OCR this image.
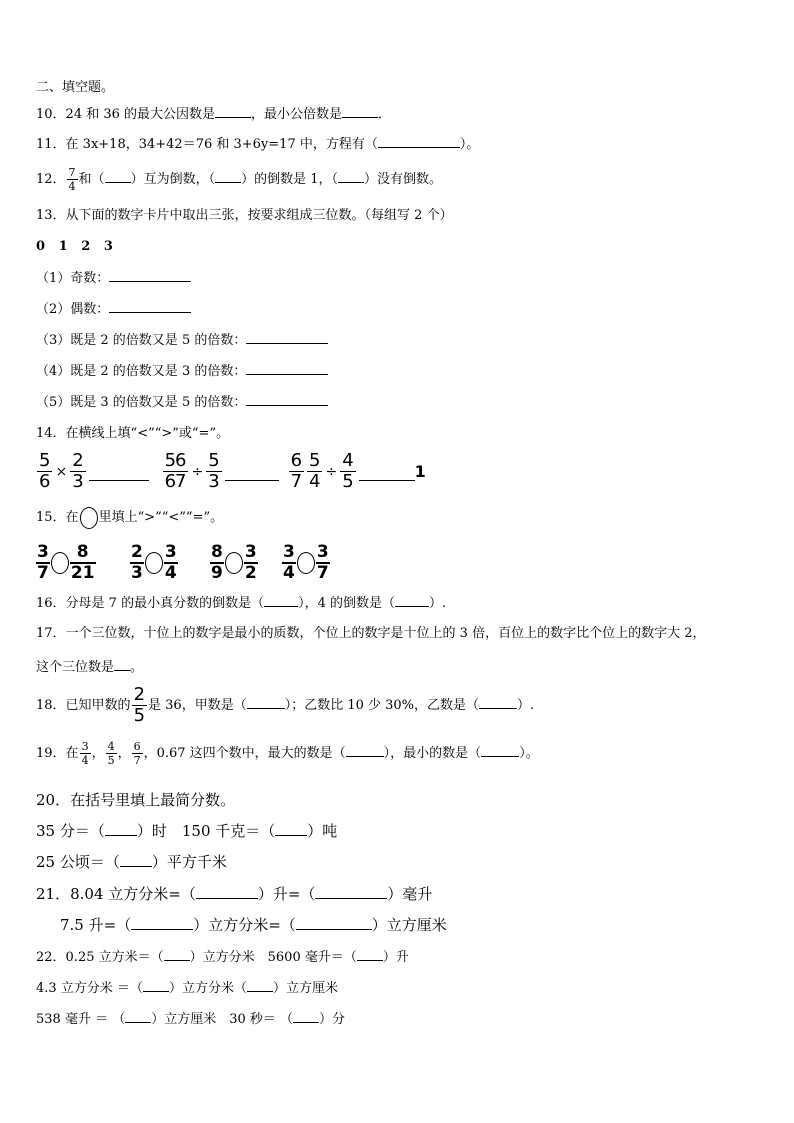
二、填空题。
10．24 和 36 的最大公因数是	，最小公倍数是	．
11．在 3x+18，34+42＝76 和 3+6y=17 中，方程有（	）。
12． $\frac{7}{4}$ 和（ ）互为倒数，（ ）的倒数是 1，（ ）没有倒数。
13．从下面的数字卡片中取出三张，按要求组成三位数。（每组写 2 个）
0   1   2   3
（1）奇数：
（2）偶数：
（3）既是 2 的倍数又是 5 的倍数：
（4）既是 2 的倍数又是 3 的倍数：
（5）既是 3 的倍数又是 5 的倍数：
14．在横线上填“<”“>”或“=”。
$\frac{5}{6} \times \frac{2}{3}$	$\frac{5}{6}$
$\frac{6}{7} \div \frac{5}{3}$	$\frac{6}{7} \frac{5}{4} \div \frac{4}{5}$	1
15．在 里填上“>”“<”“=”。
3
7
8
21
2
3
3
4
8
9
3
2
3
4
3
7
16．分母是 7 的最小真分数的倒数是（	），4 的倒数是（	）.
17．一个三位数，十位上的数字是最小的质数，个位上的数字是十位上的 3 倍，百位上的数字比个位上的数字大 2，
这个三位数是 。
18．已知甲数的 $\frac{2}{5}$ 是 36，甲数是（	）；乙数比 10 少 30%，乙数是（	）.
19．在 $\frac{3}{4}$ ， $\frac{4}{5}$ ， $\frac{6}{7}$ ，0.67 这四个数中，最大的数是（	），最小的数是（	）。
20．在括号里填上最简分数。
35 分＝（ ）时　150 千克＝（ ）吨
25 公顷＝（ ）平方千米
21．8.04 立方分米=（	）升=（	）毫升
7.5 升=（	）立方分米=（	）立方厘米
22．0.25 立方米＝（ ）立方分米　5600 毫升＝（ ）升
4.3 立方分米 ＝（ ）立方分米（ ）立方厘米
538 毫升 ＝ （ ）立方厘米　30 秒＝ （ ）分
